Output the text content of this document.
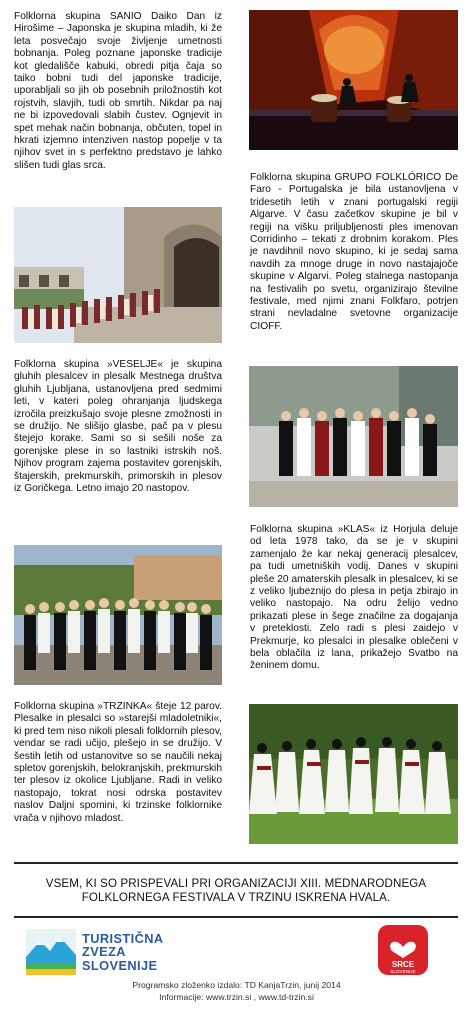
Folklorna skupina SANIO Daiko Dan iz Hirošime – Japonska je skupina mladih, ki že leta posvečajo svoje življenje umetnosti bobnanja. Poleg poznane japonske tradicije kot gledališče kabuki, obredi pitja čaja so taiko bobni tudi del japonske tradicije, uporabljali so jih ob posebnih priložnostih kot rojstvih, slavjih, tudi ob smrtih. Nikdar pa naj ne bi izpovedovali slabih čustev. Ognjevit in spet mehak način bobnanja, občuten, topel in hkrati izjemno intenziven nastop popelje v ta njihov svet in s perfektno predstavo je lahko slišen tudi glas srca.
Folklorna skupina GRUPO FOLKLÓRICO De Faro - Portugalska je bila ustanovljena v tridesetih letih v znani portugalski regiji Algarve. V času začetkov skupine je bil v regiji na višku priljubljenosti ples imenovan Corridinho – tekati z drobnim korakom. Ples je navdihnil novo skupino, ki je sedaj sama navdih za mnoge druge in novo nastajajoče skupine v Algarvi. Poleg stalnega nastopanja na festivalih po svetu, organizirajo številne festivale, med njimi znani Folkfaro, potrjen strani nevladalne svetovne organizacije CIOFF.
Folklorna skupina »VESELJE« je skupina gluhih plesalcev in plesalk Mestnega društva gluhih Ljubljana, ustanovljena pred sedmimi leti, v kateri poleg ohranjanja ljudskega izročila preizkušajo svoje plesne zmožnosti in se družijo. Ne slišijo glasbe, pač pa v plesu štejejo korake. Sami so si sešili noše za gorenjske plese in so lastniki istrskih noš. Njihov program zajema postavitev gorenjskih, štajerskih, prekmurskih, primorskih in plesov iz Goričkega. Letno imajo 20 nastopov.
Folklorna skupina »KLAS« iz Horjula deluje od leta 1978 tako, da se je v skupini zamenjalo že kar nekaj generacij plesalcev, pa tudi umetniških vodij. Danes v skupini pleše 20 amaterskih plesalk in plesalcev, ki se z veliko ljubeznijo do plesa in petja zbirajo in veliko nastopajo. Na odru želijo vedno prikazati plese in šege značilne za dogajanja v preteklosti. Zelo radi s plesi zaidejo v Prekmurje, ko plesalci in plesalke oblečeni v bela oblačila iz lana, prikažejo Svatbo na ženinem domu.
Folklorna skupina »TRZINKA« šteje 12 parov. Plesalke in plesalci so »starejši mladoletniki«, ki pred tem niso nikoli plesali folklornih plesov, vendar se radi učijo, plešejo in se družijo. V šestih letih od ustanovitve so se naučili nekaj spletov gorenjskih, belokranjskih, prekmurskih ter plesov iz okolice Ljubljane. Radi in veliko nastopajo, tokrat nosi odrska postavitev naslov Daljni spomini, ki trzinske folklornike vrača v njihovo mladost.
VSEM, KI SO PRISPEVALI PRI ORGANIZACIJI XIII. MEDNARODNEGA
FOLKLORNEGA FESTIVALA V TRZINU ISKRENA HVALA.
TURISTIČNA
ZVEZA
SLOVENIJE	SRCE
SLOVENIJE
Programsko zloženko izdalo: TD KanjaTrzin, junij 2014
Informacije: www.trzin.si , www.td-trzin.si
